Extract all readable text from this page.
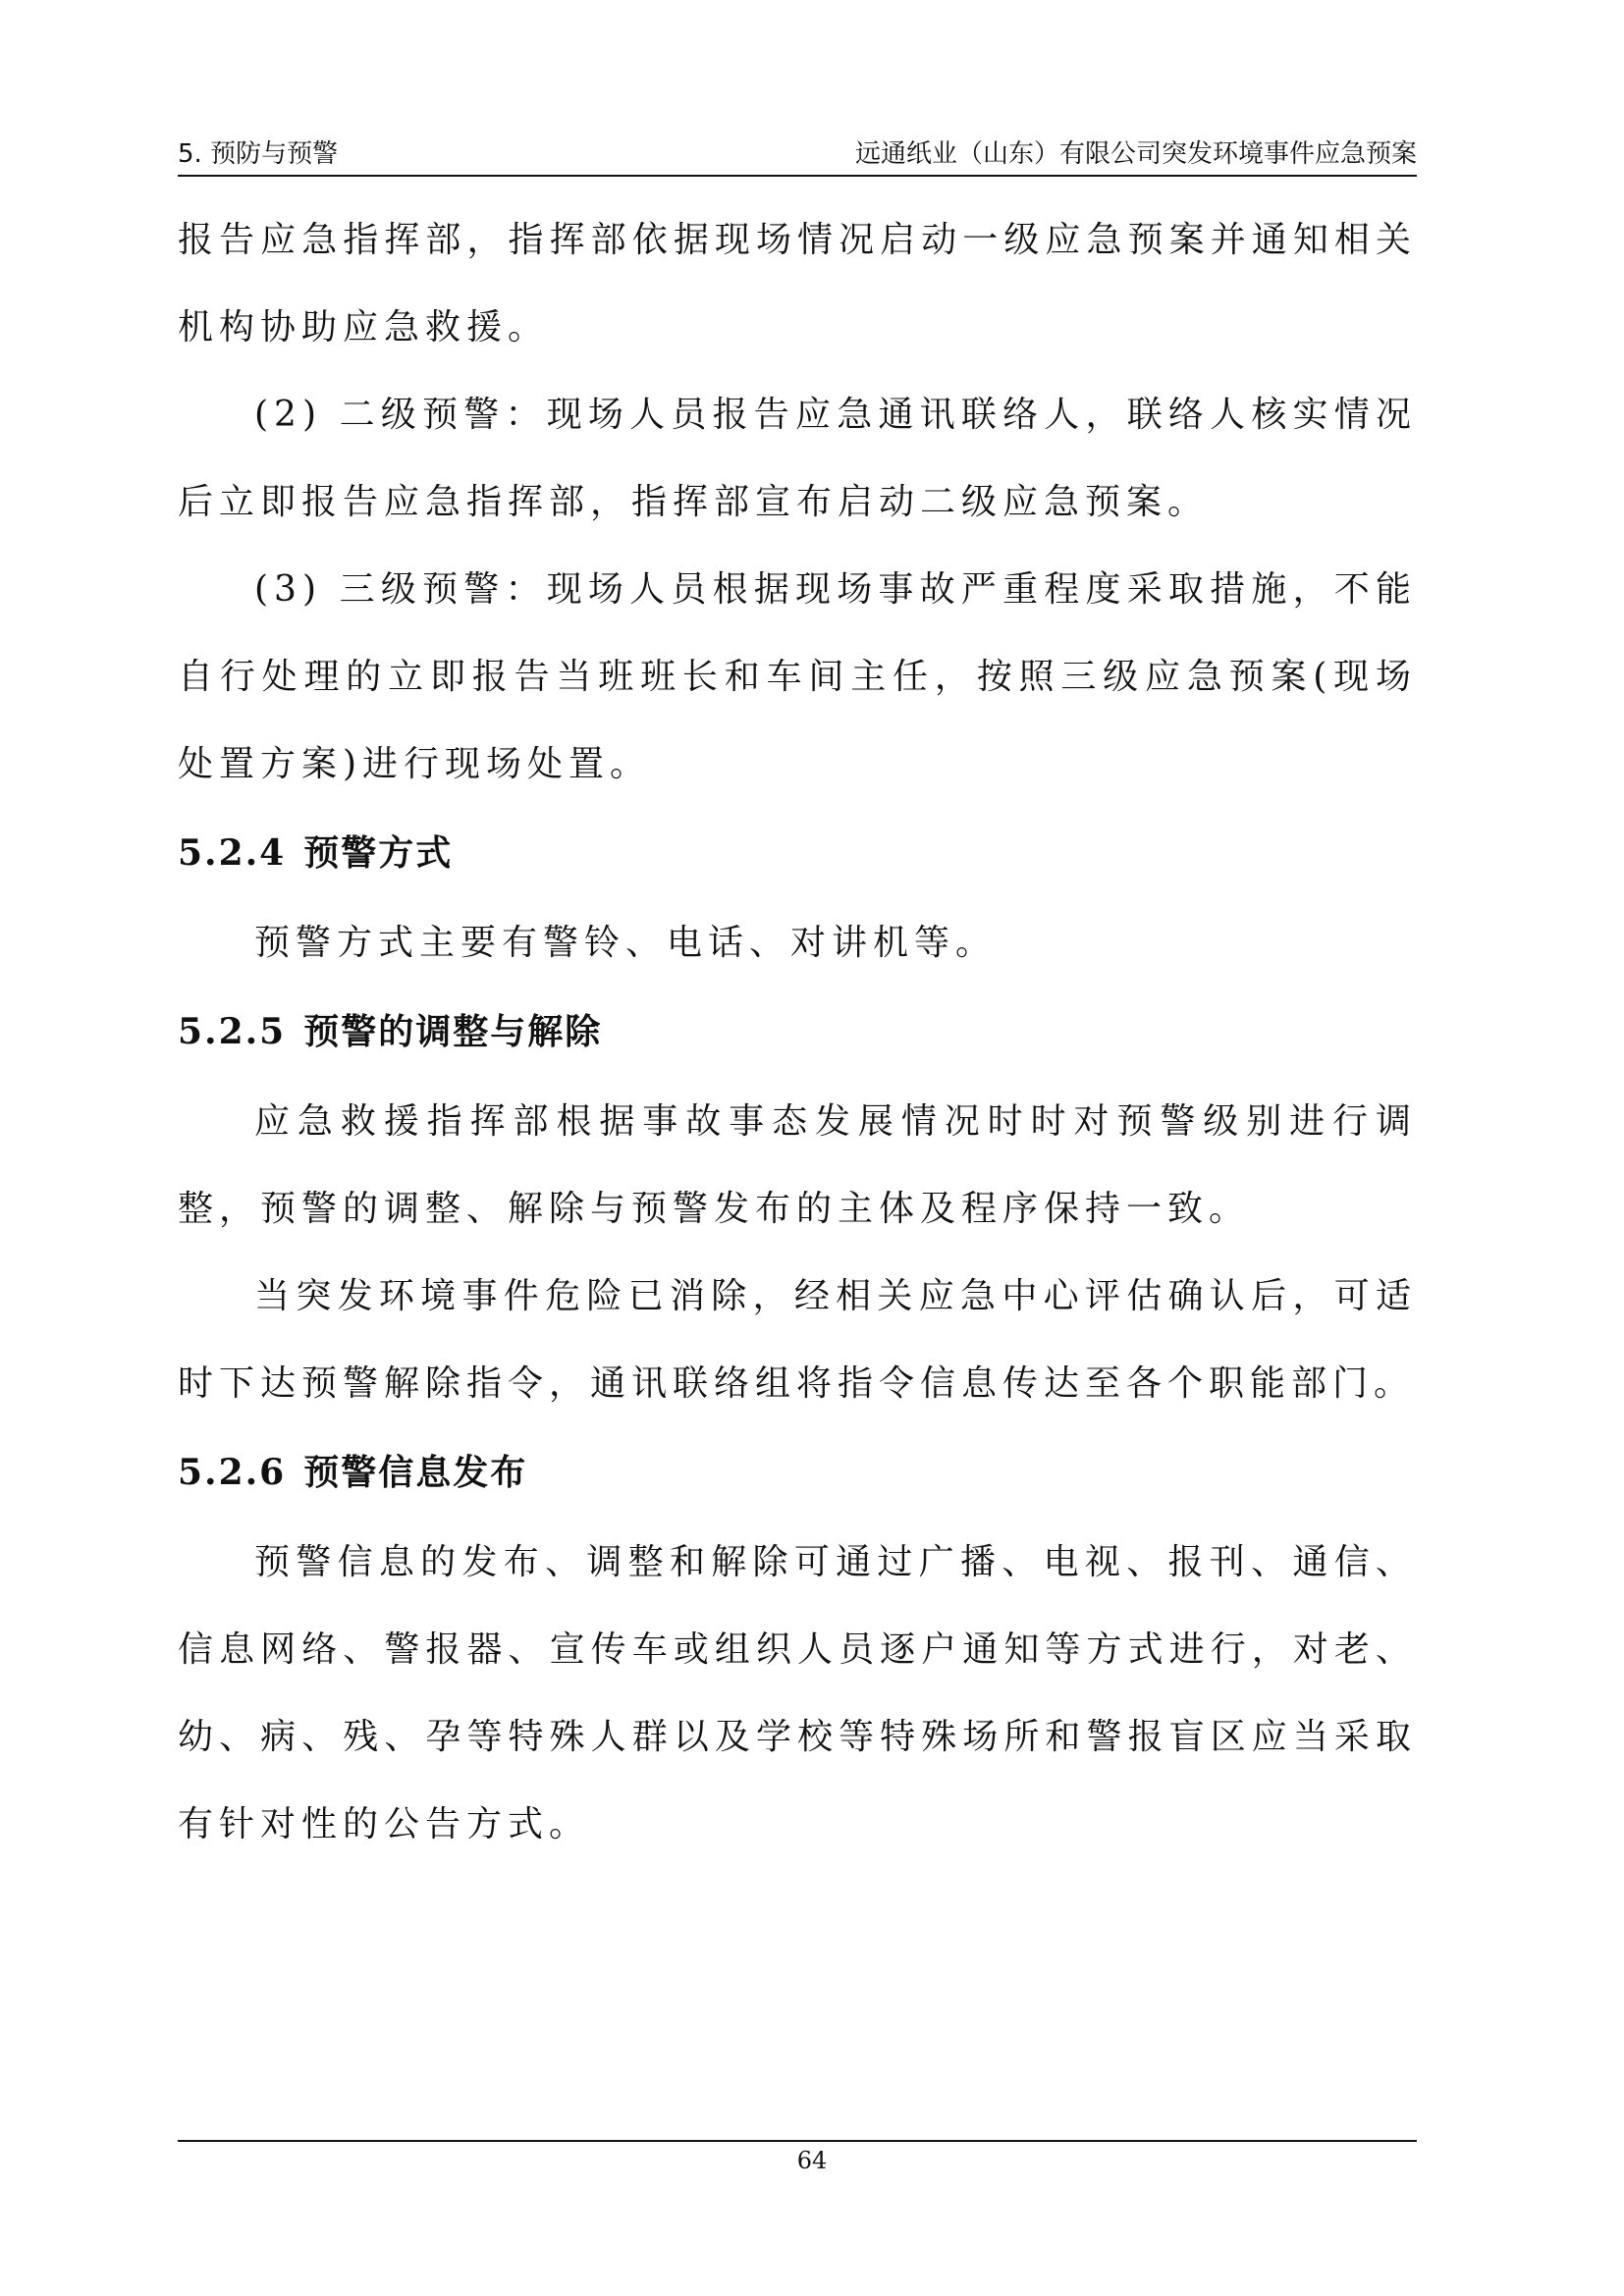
5. 预防与预警	远通纸业（山东）有限公司突发环境事件应急预案

报告应急指挥部，指挥部依据现场情况启动一级应急预案并通知相关机构协助应急救援。

(2) 二级预警：现场人员报告应急通讯联络人，联络人核实情况后立即报告应急指挥部，指挥部宣布启动二级应急预案。

(3) 三级预警：现场人员根据现场事故严重程度采取措施，不能自行处理的立即报告当班班长和车间主任，按照三级应急预案(现场处置方案)进行现场处置。

5.2.4 预警方式

预警方式主要有警铃、电话、对讲机等。

5.2.5 预警的调整与解除

应急救援指挥部根据事故事态发展情况时时对预警级别进行调整，预警的调整、解除与预警发布的主体及程序保持一致。

当突发环境事件危险已消除，经相关应急中心评估确认后，可适时下达预警解除指令，通讯联络组将指令信息传达至各个职能部门。

5.2.6 预警信息发布

预警信息的发布、调整和解除可通过广播、电视、报刊、通信、信息网络、警报器、宣传车或组织人员逐户通知等方式进行，对老、幼、病、残、孕等特殊人群以及学校等特殊场所和警报盲区应当采取有针对性的公告方式。

64
